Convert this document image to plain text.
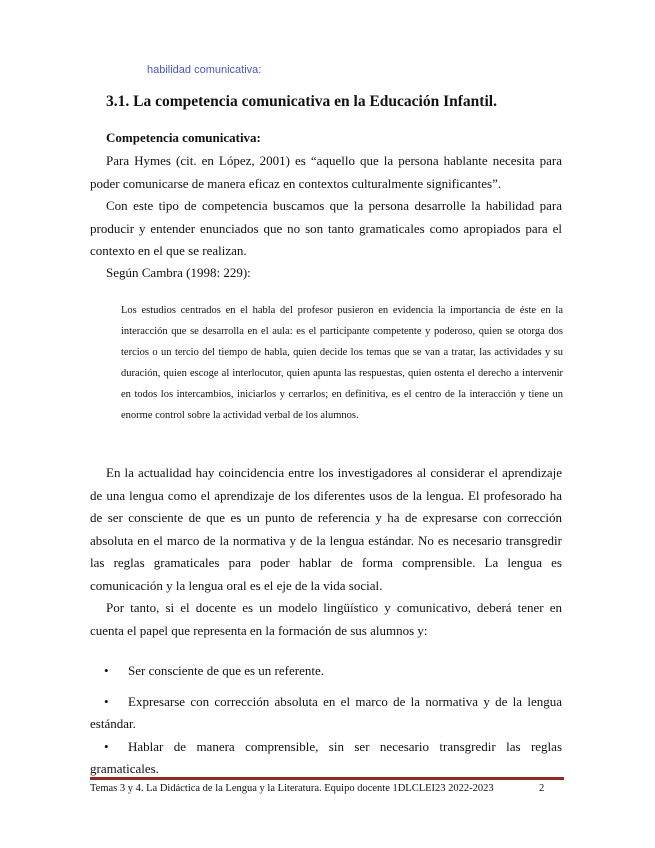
habilidad comunicativa:
3.1. La competencia comunicativa en la Educación Infantil.
Competencia comunicativa:
Para Hymes (cit. en López, 2001) es “aquello que la persona hablante necesita para poder comunicarse de manera eficaz en contextos culturalmente significantes”.
Con este tipo de competencia buscamos que la persona desarrolle la habilidad para producir y entender enunciados que no son tanto gramaticales como apropiados para el contexto en el que se realizan.
Según Cambra (1998: 229):
Los estudios centrados en el habla del profesor pusieron en evidencia la importancia de éste en la interacción que se desarrolla en el aula: es el participante competente y poderoso, quien se otorga dos tercios o un tercio del tiempo de habla, quien decide los temas que se van a tratar, las actividades y su duración, quien escoge al interlocutor, quien apunta las respuestas, quien ostenta el derecho a intervenir en todos los intercambios, iniciarlos y cerrarlos; en definitiva, es el centro de la interacción y tiene un enorme control sobre la actividad verbal de los alumnos.
En la actualidad hay coincidencia entre los investigadores al considerar el aprendizaje de una lengua como el aprendizaje de los diferentes usos de la lengua. El profesorado ha de ser consciente de que es un punto de referencia y ha de expresarse con corrección absoluta en el marco de la normativa y de la lengua estándar. No es necesario transgredir las reglas gramaticales para poder hablar de forma comprensible. La lengua es comunicación y la lengua oral es el eje de la vida social.
Por tanto, si el docente es un modelo lingüístico y comunicativo, deberá tener en cuenta el papel que representa en la formación de sus alumnos y:
• Ser consciente de que es un referente.
• Expresarse con corrección absoluta en el marco de la normativa y de la lengua estándar.
• Hablar de manera comprensible, sin ser necesario transgredir las reglas gramaticales.
Temas 3 y 4. La Didáctica de la Lengua y la Literatura. Equipo docente 1DLCLEI23 2022-2023	2
